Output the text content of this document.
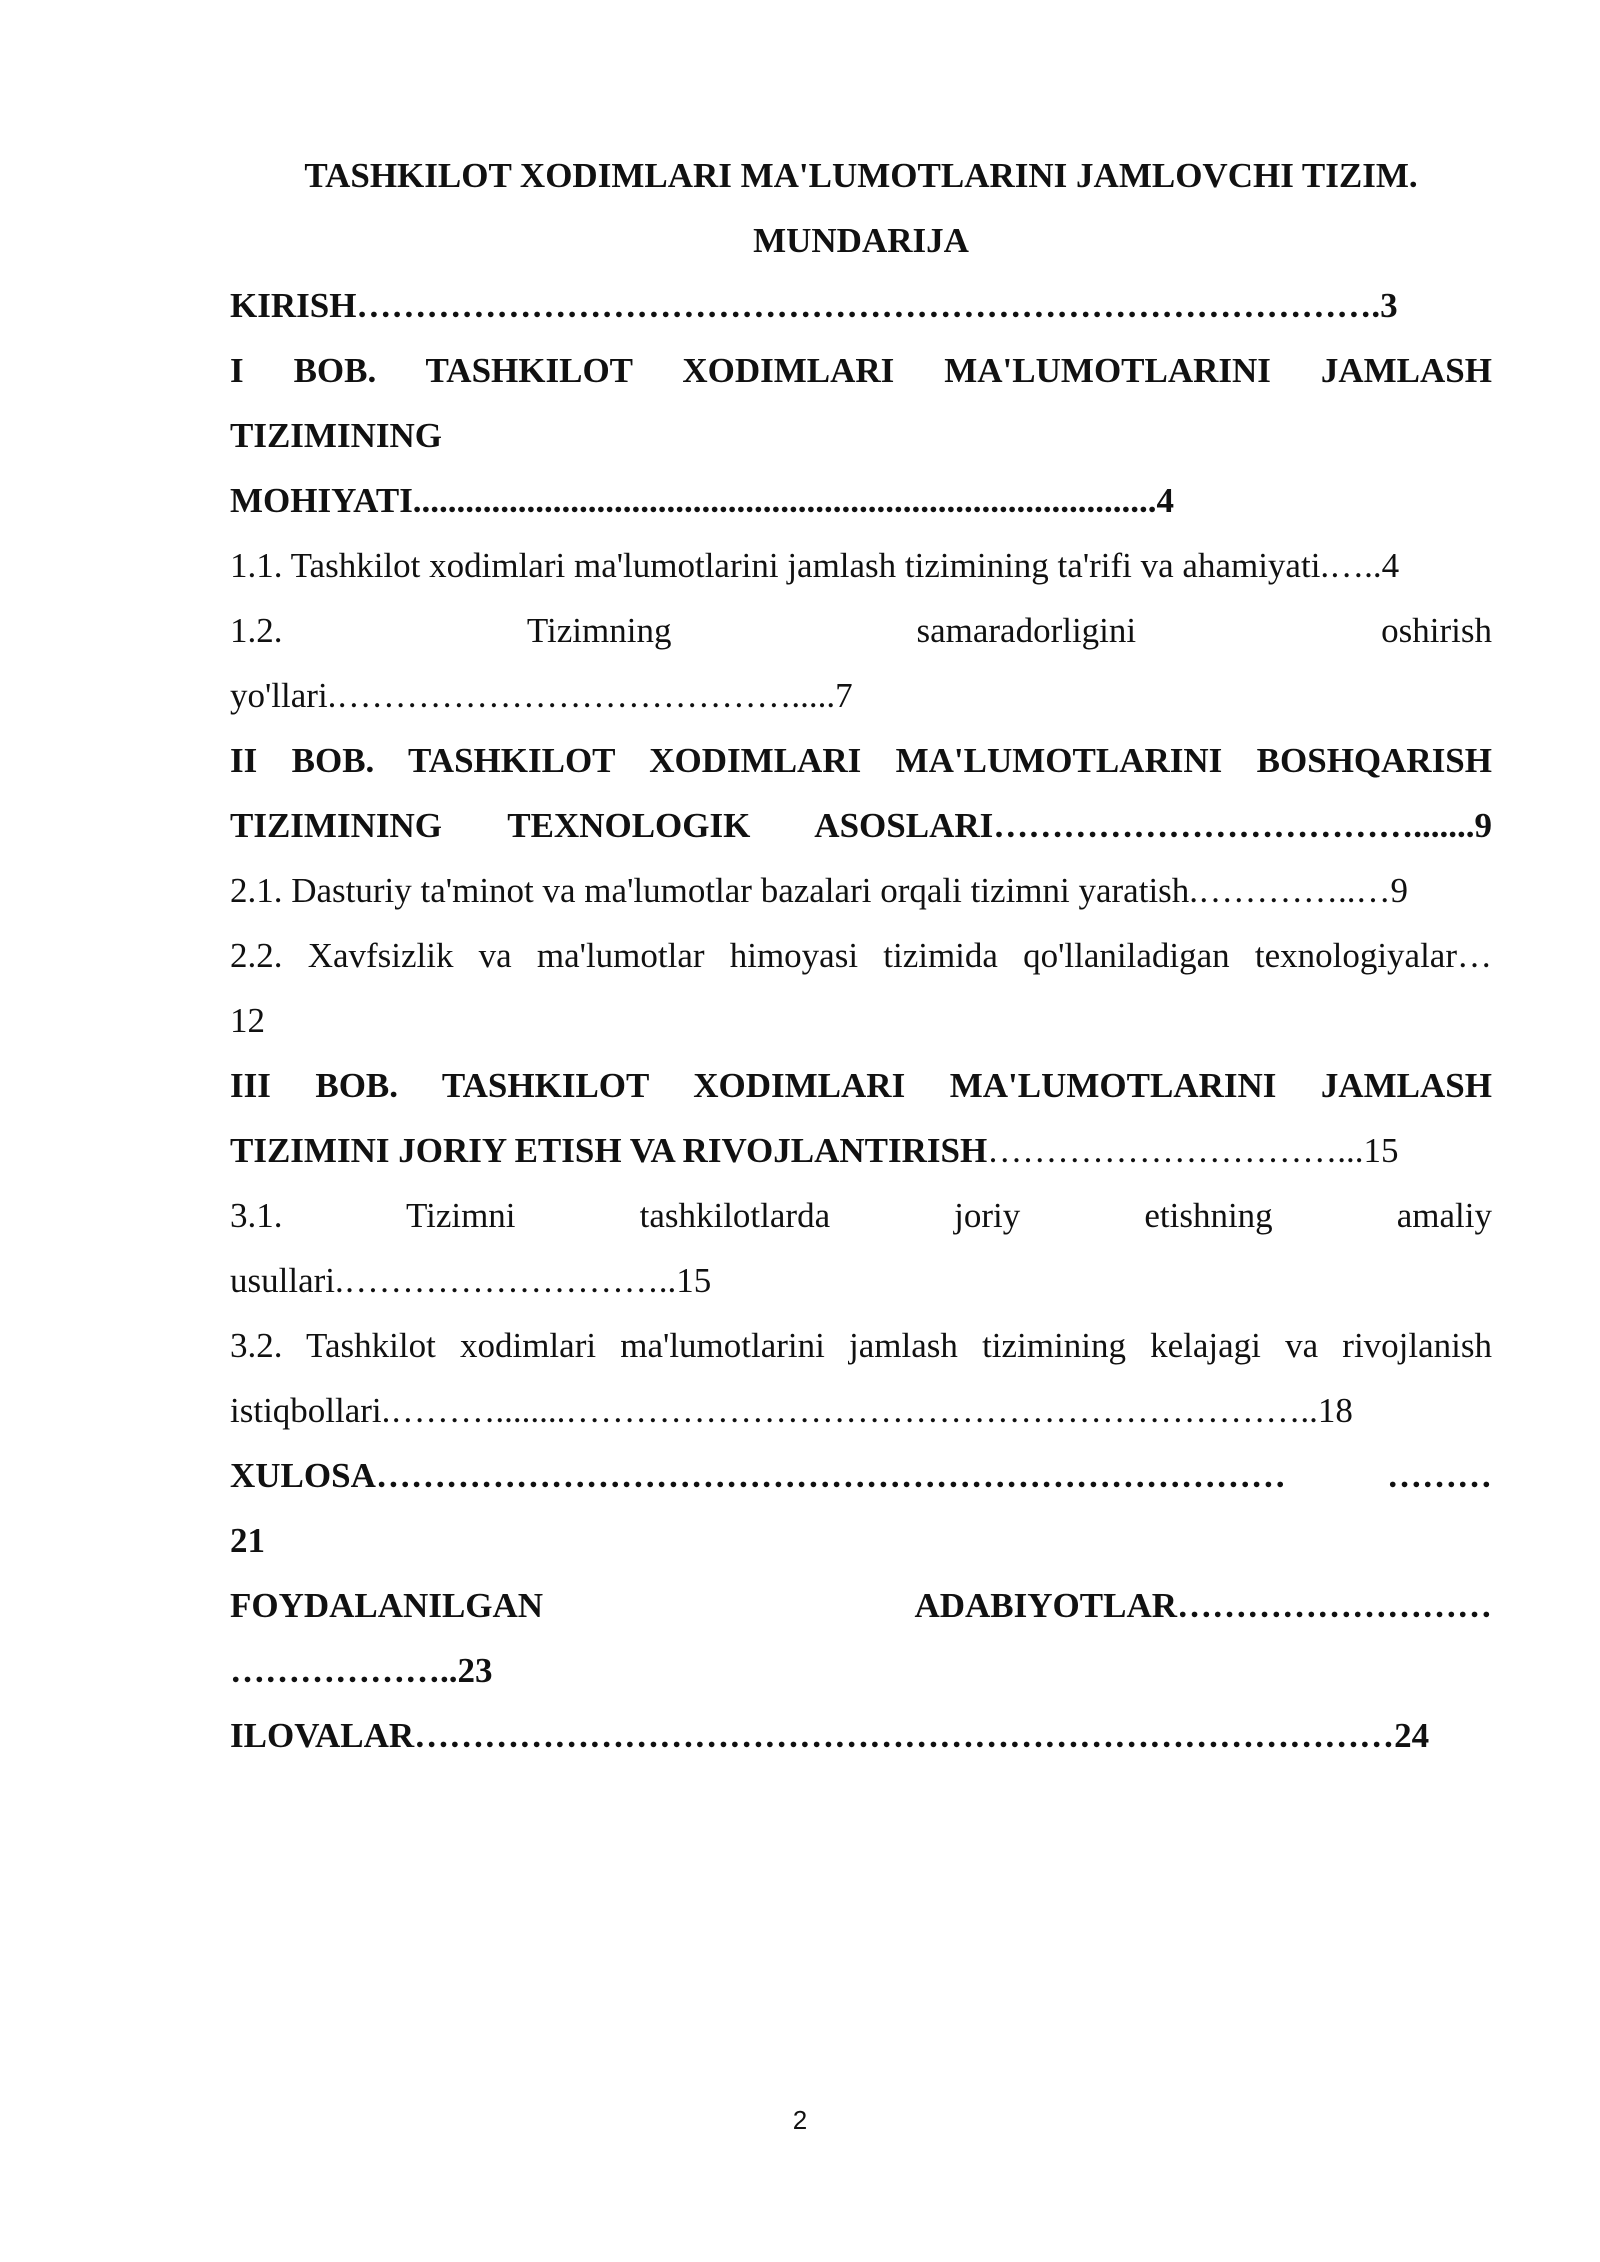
TASHKILOT XODIMLARI MA'LUMOTLARINI JAMLOVCHI TIZIM.
MUNDARIJA
KIRISH…………………………………………………………………………….3
I BOB. TASHKILOT XODIMLARI MA'LUMOTLARINI JAMLASH
TIZIMINING
MOHIYATI.....................................................................................4
1.1. Tashkilot xodimlari ma'lumotlarini jamlash tizimining ta'rifi va ahamiyati.…..4
1.2. Tizimning samaradorligini oshirish
yo'llari.………………………………….....7
II BOB. TASHKILOT XODIMLARI MA'LUMOTLARINI BOSHQARISH
TIZIMINING TEXNOLOGIK ASOSLARI……………………………….......9
2.1. Dasturiy ta'minot va ma'lumotlar bazalari orqali tizimni yaratish.…………..…9
2.2. Xavfsizlik va ma'lumotlar himoyasi tizimida qo'llaniladigan texnologiyalar…
12
III BOB. TASHKILOT XODIMLARI MA'LUMOTLARINI JAMLASH
TIZIMINI JORIY ETISH VA RIVOJLANTIRISH…………………………...15
3.1. Tizimni tashkilotlarda joriy etishning amaliy
usullari.………………………..15
3.2. Tashkilot xodimlari ma'lumotlarini jamlash tizimining kelajagi va rivojlanish
istiqbollari.………........………………………………………………………..18
XULOSA…………………………………………………………………… ………
21
FOYDALANILGAN ADABIYOTLAR………………………
………………..23
ILOVALAR…………………………………………………………………………24
2
